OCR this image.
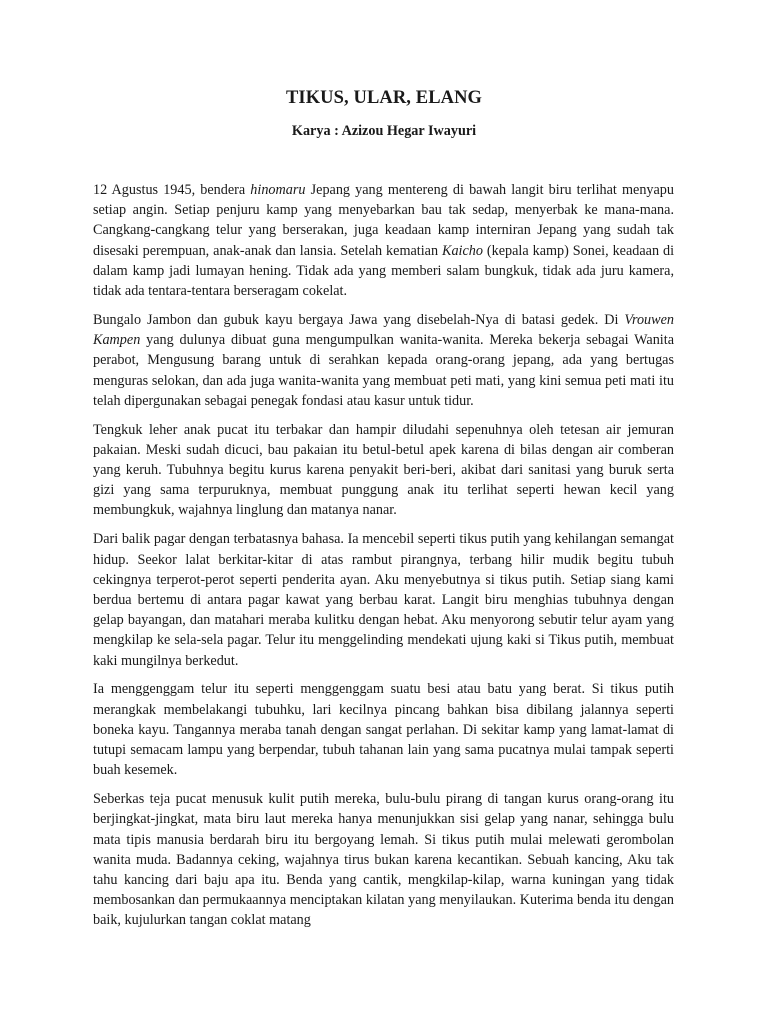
TIKUS, ULAR, ELANG
Karya : Azizou Hegar Iwayuri

12 Agustus 1945, bendera hinomaru Jepang yang mentereng di bawah langit biru terlihat menyapu setiap angin. Setiap penjuru kamp yang menyebarkan bau tak sedap, menyerbak ke mana-mana. Cangkang-cangkang telur yang berserakan, juga keadaan kamp interniran Jepang yang sudah tak disesaki perempuan, anak-anak dan lansia. Setelah kematian Kaicho (kepala kamp) Sonei, keadaan di dalam kamp jadi lumayan hening. Tidak ada yang memberi salam bungkuk, tidak ada juru kamera, tidak ada tentara-tentara berseragam cokelat.

Bungalo Jambon dan gubuk kayu bergaya Jawa yang disebelah-Nya di batasi gedek. Di Vrouwen Kampen yang dulunya dibuat guna mengumpulkan wanita-wanita. Mereka bekerja sebagai Wanita perabot, Mengusung barang untuk di serahkan kepada orang-orang jepang, ada yang bertugas menguras selokan, dan ada juga wanita-wanita yang membuat peti mati, yang kini semua peti mati itu telah dipergunakan sebagai penegak fondasi atau kasur untuk tidur.

Tengkuk leher anak pucat itu terbakar dan hampir diludahi sepenuhnya oleh tetesan air jemuran pakaian. Meski sudah dicuci, bau pakaian itu betul-betul apek karena di bilas dengan air comberan yang keruh. Tubuhnya begitu kurus karena penyakit beri-beri, akibat dari sanitasi yang buruk serta gizi yang sama terpuruknya, membuat punggung anak itu terlihat seperti hewan kecil yang membungkuk, wajahnya linglung dan matanya nanar.

Dari balik pagar dengan terbatasnya bahasa. Ia mencebil seperti tikus putih yang kehilangan semangat hidup. Seekor lalat berkitar-kitar di atas rambut pirangnya, terbang hilir mudik begitu tubuh cekingnya terperot-perot seperti penderita ayan. Aku menyebutnya si tikus putih. Setiap siang kami berdua bertemu di antara pagar kawat yang berbau karat. Langit biru menghias tubuhnya dengan gelap bayangan, dan matahari meraba kulitku dengan hebat. Aku menyorong sebutir telur ayam yang mengkilap ke sela-sela pagar. Telur itu menggelinding mendekati ujung kaki si Tikus putih, membuat kaki mungilnya berkedut.

Ia menggenggam telur itu seperti menggenggam suatu besi atau batu yang berat. Si tikus putih merangkak membelakangi tubuhku, lari kecilnya pincang bahkan bisa dibilang jalannya seperti boneka kayu. Tangannya meraba tanah dengan sangat perlahan. Di sekitar kamp yang lamat-lamat di tutupi semacam lampu yang berpendar, tubuh tahanan lain yang sama pucatnya mulai tampak seperti buah kesemek.

Seberkas teja pucat menusuk kulit putih mereka, bulu-bulu pirang di tangan kurus orang-orang itu berjingkat-jingkat, mata biru laut mereka hanya menunjukkan sisi gelap yang nanar, sehingga bulu mata tipis manusia berdarah biru itu bergoyang lemah. Si tikus putih mulai melewati gerombolan wanita muda. Badannya ceking, wajahnya tirus bukan karena kecantikan. Sebuah kancing, Aku tak tahu kancing dari baju apa itu. Benda yang cantik, mengkilap-kilap, warna kuningan yang tidak membosankan dan permukaannya menciptakan kilatan yang menyilaukan. Kuterima benda itu dengan baik, kujulurkan tangan coklat matang
